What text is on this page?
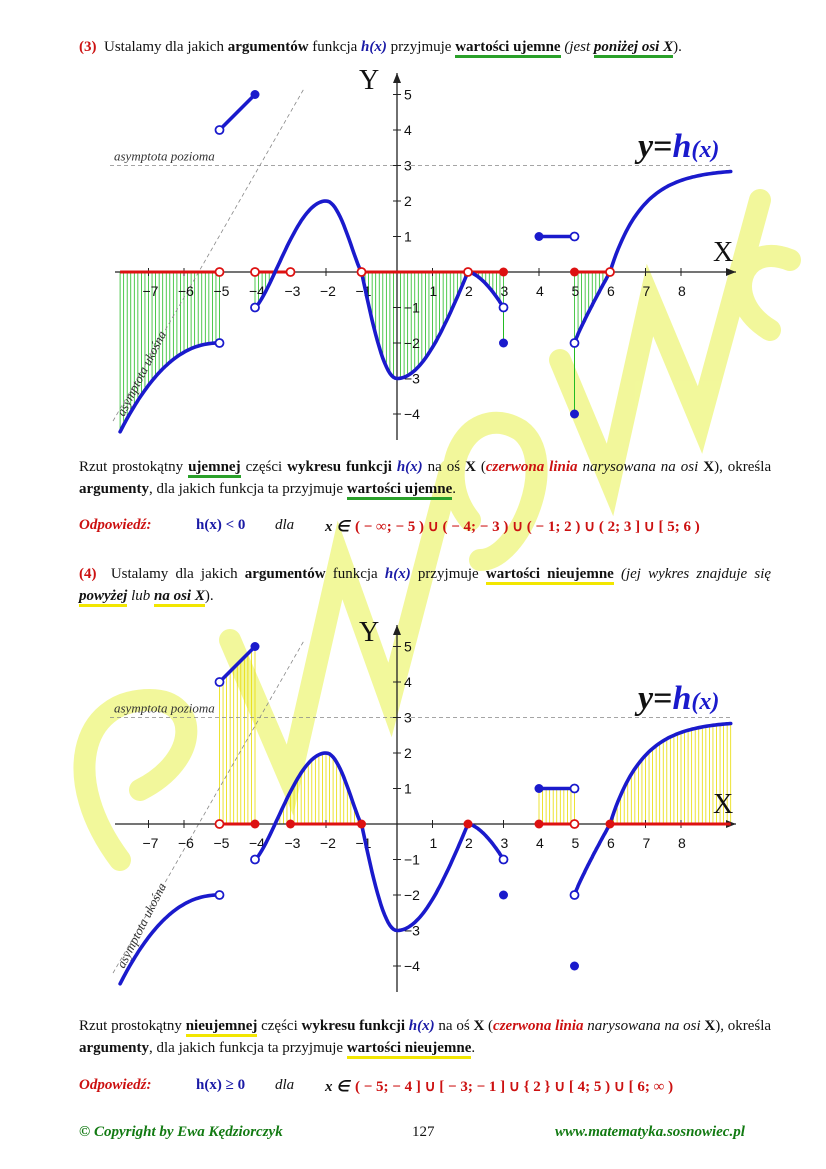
(3) Ustalamy dla jakich argumentów funkcja h(x) przyjmuje wartości ujemne (jest poniżej osi X).
−7 −6 −5 −4 −3 −2 −1	1 2 3 4 5 6 7 8
5
4
3
2
1
−1
−2
−3
−4
Y
X
asymptota pozioma
asymptota ukośna
y=h(x)
Rzut prostokątny ujemnej części wykresu funkcji h(x) na oś X (czerwona linia narysowana na osi X), określa argumenty, dla jakich funkcja ta przyjmuje wartości ujemne.
Odpowiedź:	h(x) < 0 dla x ∈ ( − ∞; − 5 ) ∪ ( − 4; − 3 ) ∪ ( − 1; 2 ) ∪ ( 2; 3 ] ∪ [ 5; 6 )
(4) Ustalamy dla jakich argumentów funkcja h(x) przyjmuje wartości nieujemne (jej wykres znajduje się powyżej lub na osi X).
−7 −6 −5 −4 −3 −2 −1	1 2 3 4 5 6 7 8
5
4
3
2
1
−1
−2
−3
−4
Y
X
asymptota pozioma
asymptota ukośna
y=h(x)
Rzut prostokątny nieujemnej części wykresu funkcji h(x) na oś X (czerwona linia narysowana na osi X), określa argumenty, dla jakich funkcja ta przyjmuje wartości nieujemne.
Odpowiedź:	h(x) ≥ 0 dla x ∈ ( − 5; − 4 ] ∪ [ − 3; − 1 ] ∪ { 2 } ∪ [ 4; 5 ) ∪ [ 6; ∞ )
© Copyright by Ewa Kędziorczyk	127	www.matematyka.sosnowiec.pl
